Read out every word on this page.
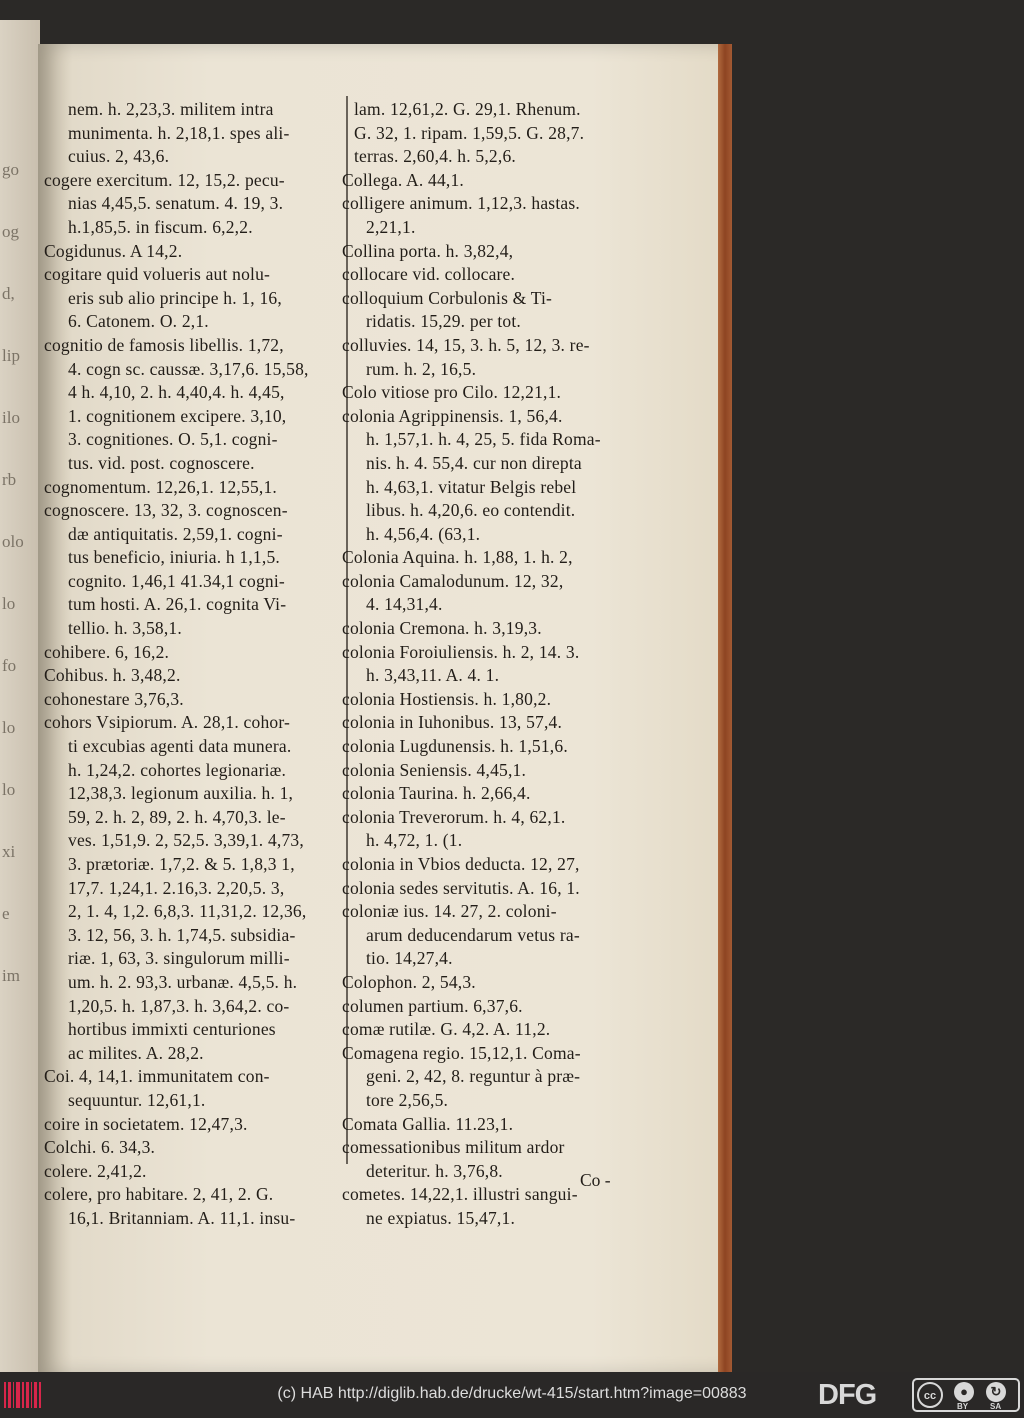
go
og
d,
lip
ilo
rb
olo
lo
fo
lo
lo
xi
e
im
nem. h. 2,23,3. militem intra
munimenta. h. 2,18,1. spes ali-
cuius. 2, 43,6.
cogere exercitum. 12, 15,2. pecu-
nias 4,45,5. senatum. 4. 19, 3.
h.1,85,5. in fiscum. 6,2,2.
Cogidunus. A 14,2.
cogitare quid volueris aut nolu-
eris sub alio principe h. 1, 16,
6. Catonem. O. 2,1.
cognitio de famosis libellis. 1,72,
4. cogn sc. caussæ. 3,17,6. 15,58,
4 h. 4,10, 2. h. 4,40,4. h. 4,45,
1. cognitionem excipere. 3,10,
3. cognitiones. O. 5,1. cogni-
tus. vid. post. cognoscere.
cognomentum. 12,26,1. 12,55,1.
cognoscere. 13, 32, 3. cognoscen-
dæ antiquitatis. 2,59,1. cogni-
tus beneficio, iniuria. h 1,1,5.
cognito. 1,46,1 41.34,1 cogni-
tum hosti. A. 26,1. cognita Vi-
tellio. h. 3,58,1.
cohibere. 6, 16,2.
Cohibus. h. 3,48,2.
cohonestare 3,76,3.
cohors Vsipiorum. A. 28,1. cohor-
ti excubias agenti data munera.
h. 1,24,2. cohortes legionariæ.
12,38,3. legionum auxilia. h. 1,
59, 2. h. 2, 89, 2. h. 4,70,3. le-
ves. 1,51,9. 2, 52,5. 3,39,1. 4,73,
3. prætoriæ. 1,7,2. & 5. 1,8,3 1,
17,7. 1,24,1. 2.16,3. 2,20,5. 3,
2, 1. 4, 1,2. 6,8,3. 11,31,2. 12,36,
3. 12, 56, 3. h. 1,74,5. subsidia-
riæ. 1, 63, 3. singulorum milli-
um. h. 2. 93,3. urbanæ. 4,5,5. h.
1,20,5. h. 1,87,3. h. 3,64,2. co-
hortibus immixti centuriones
ac milites. A. 28,2.
Coi. 4, 14,1. immunitatem con-
sequuntur. 12,61,1.
coire in societatem. 12,47,3.
Colchi. 6. 34,3.
colere. 2,41,2.
colere, pro habitare. 2, 41, 2. G.
16,1. Britanniam. A. 11,1. insu-
lam. 12,61,2. G. 29,1. Rhenum.
G. 32, 1. ripam. 1,59,5. G. 28,7.
terras. 2,60,4. h. 5,2,6.
Collega. A. 44,1.
colligere animum. 1,12,3. hastas.
2,21,1.
Collina porta. h. 3,82,4,
collocare vid. collocare.
colloquium Corbulonis & Ti-
ridatis. 15,29. per tot.
colluvies. 14, 15, 3. h. 5, 12, 3. re-
rum. h. 2, 16,5.
Colo vitiose pro Cilo. 12,21,1.
colonia Agrippinensis. 1, 56,4.
h. 1,57,1. h. 4, 25, 5. fida Roma-
nis. h. 4. 55,4. cur non direpta
h. 4,63,1. vitatur Belgis rebel
libus. h. 4,20,6. eo contendit.
h. 4,56,4. (63,1.
Colonia Aquina. h. 1,88, 1. h. 2,
colonia Camalodunum. 12, 32,
4. 14,31,4.
colonia Cremona. h. 3,19,3.
colonia Foroiuliensis. h. 2, 14. 3.
h. 3,43,11. A. 4. 1.
colonia Hostiensis. h. 1,80,2.
colonia in Iuhonibus. 13, 57,4.
colonia Lugdunensis. h. 1,51,6.
colonia Seniensis. 4,45,1.
colonia Taurina. h. 2,66,4.
colonia Treverorum. h. 4, 62,1.
h. 4,72, 1. (1.
colonia in Vbios deducta. 12, 27,
colonia sedes servitutis. A. 16, 1.
coloniæ ius. 14. 27, 2. coloni-
arum deducendarum vetus ra-
tio. 14,27,4.
Colophon. 2, 54,3.
columen partium. 6,37,6.
comæ rutilæ. G. 4,2. A. 11,2.
Comagena regio. 15,12,1. Coma-
geni. 2, 42, 8. reguntur à præ-
tore 2,56,5.
Comata Gallia. 11.23,1.
comessationibus militum ardor
deteritur. h. 3,76,8.
cometes. 14,22,1. illustri sangui-
ne expiatus. 15,47,1.
Co -
(c) HAB http://diglib.hab.de/drucke/wt-415/start.htm?image=00883	DFG	cc	●
BY
↻
SA
